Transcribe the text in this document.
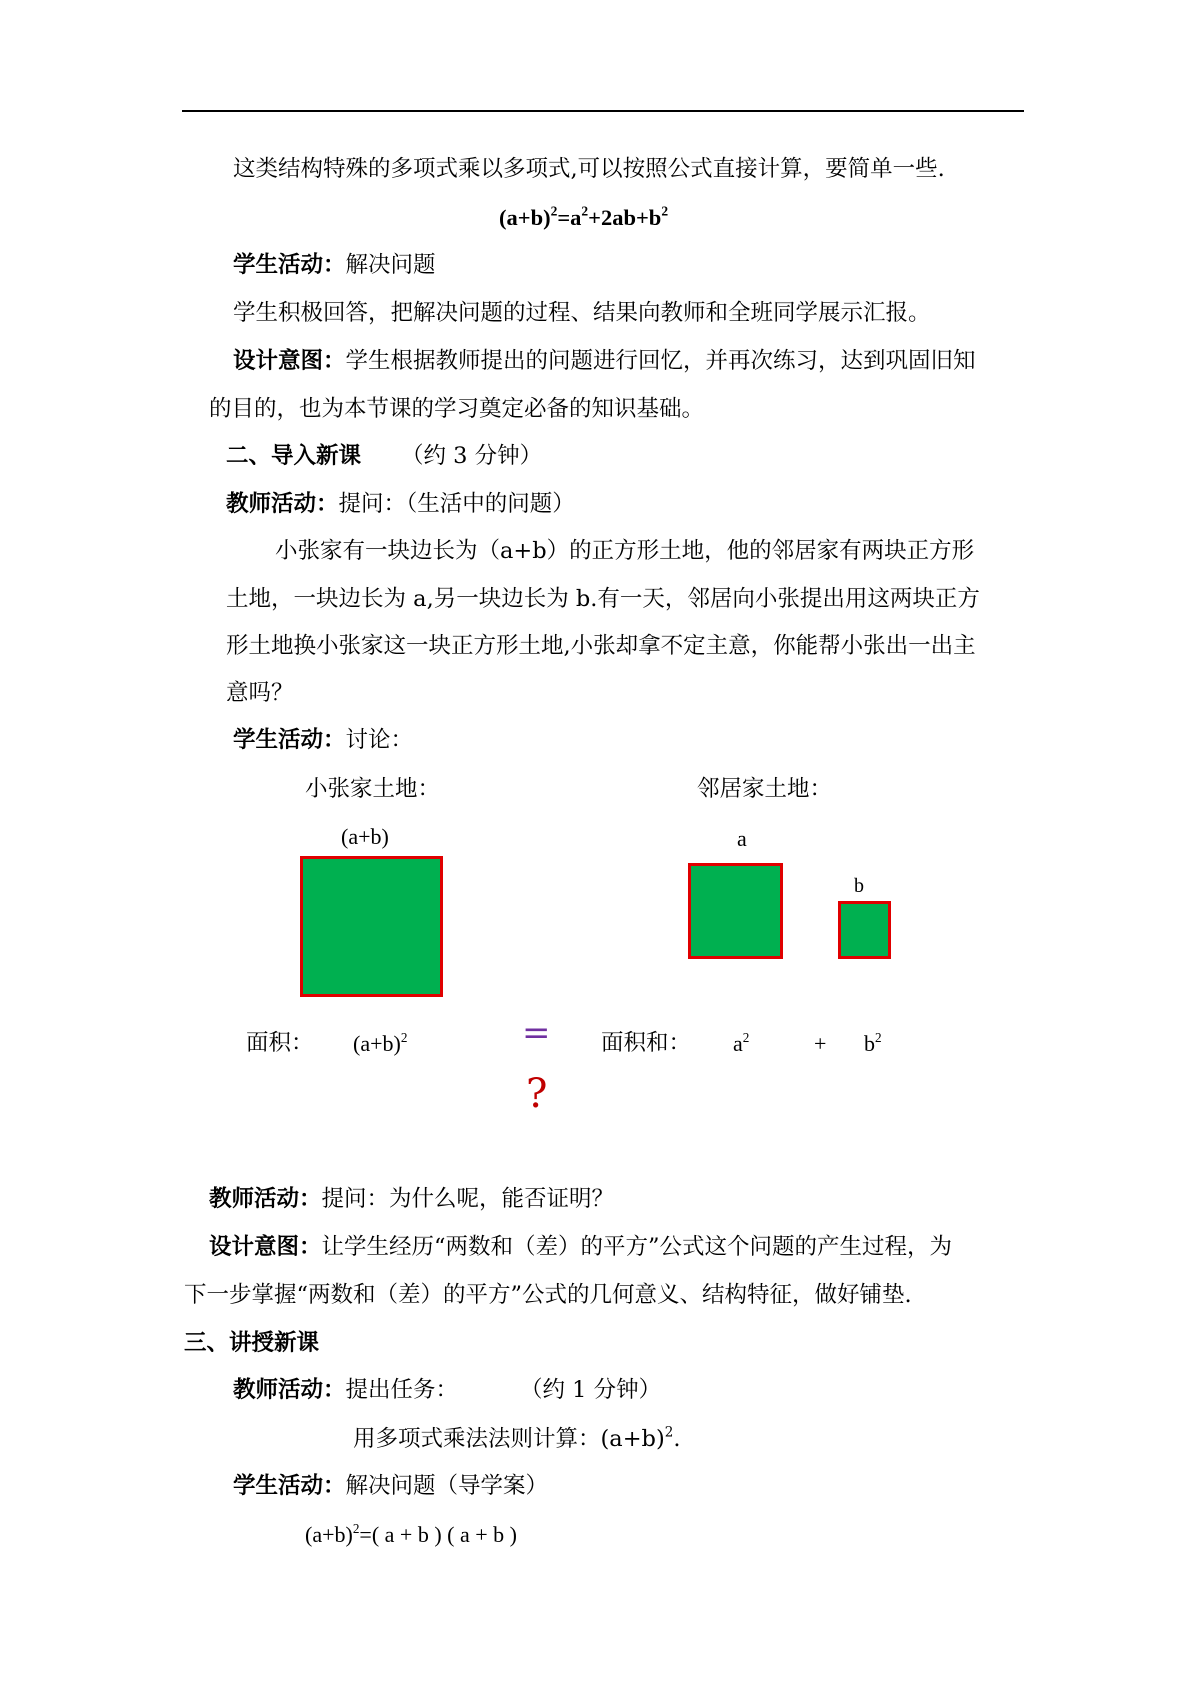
这类结构特殊的多项式乘以多项式,可以按照公式直接计算，要简单一些.
$(a+b)^2=a^2+2ab+b^2$
学生活动：解决问题
学生积极回答，把解决问题的过程、结果向教师和全班同学展示汇报。
设计意图：学生根据教师提出的问题进行回忆，并再次练习，达到巩固旧知
的目的，也为本节课的学习奠定必备的知识基础。
二、导入新课 （约 3 分钟）
教师活动：提问：（生活中的问题）
小张家有一块边长为（a+b）的正方形土地，他的邻居家有两块正方形
土地，一块边长为 a,另一块边长为 b.有一天，邻居向小张提出用这两块正方
形土地换小张家这一块正方形土地,小张却拿不定主意，你能帮小张出一出主
意吗？
学生活动：讨论：
小张家土地：	邻居家土地：
(a+b)	a
b
面积： $(a+b)^2$	=
?
面积和： $a^2$	+ $b^2$
教师活动：提问：为什么呢，能否证明？
设计意图：让学生经历“两数和（差）的平方”公式这个问题的产生过程，为
下一步掌握“两数和（差）的平方”公式的几何意义、结构特征，做好铺垫.
三、讲授新课
教师活动：提出任务：	（约 1 分钟）
用多项式乘法法则计算：$(a+b)^2$.
学生活动：解决问题（导学案）
$(a+b)^2=$( a + b ) ( a + b )
